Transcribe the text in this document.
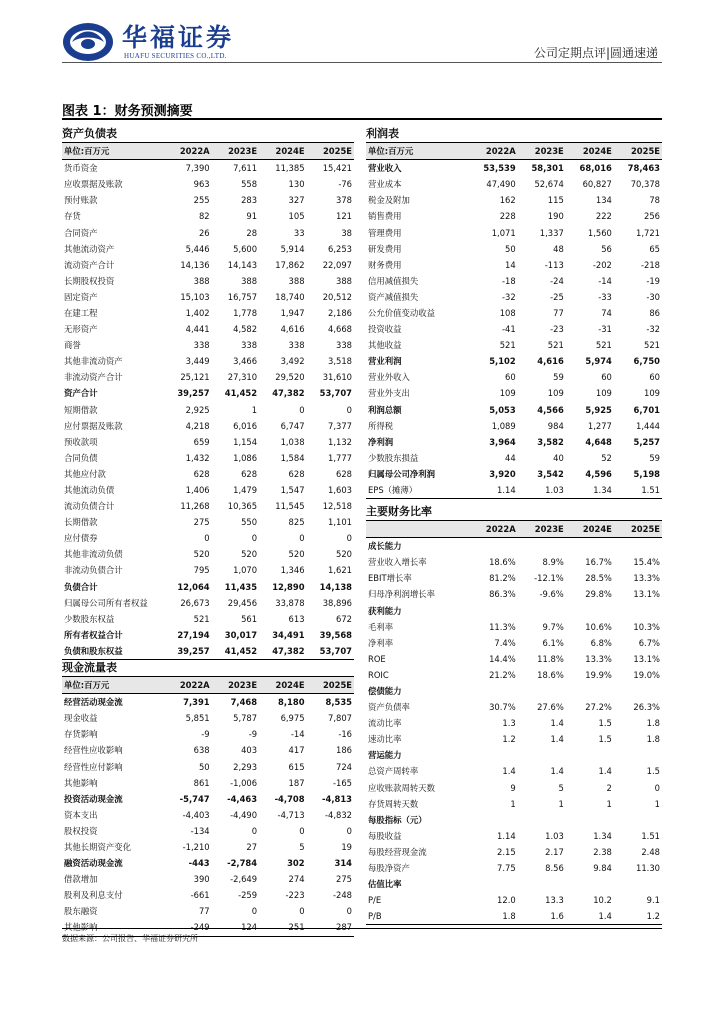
华福证券
HUAFU SECURITIES CO.,LTD.	公司定期点评|圆通速递
图表 1：财务预测摘要
资产负债表
单位:百万元	2022A	2023E	2024E	2025E
货币资金	7,390	7,611	11,385	15,421
应收票据及账款	963	558	130	-76
预付账款	255	283	327	378
存货	82	91	105	121
合同资产	26	28	33	38
其他流动资产	5,446	5,600	5,914	6,253
流动资产合计	14,136	14,143	17,862	22,097
长期股权投资	388	388	388	388
固定资产	15,103	16,757	18,740	20,512
在建工程	1,402	1,778	1,947	2,186
无形资产	4,441	4,582	4,616	4,668
商誉	338	338	338	338
其他非流动资产	3,449	3,466	3,492	3,518
非流动资产合计	25,121	27,310	29,520	31,610
资产合计	39,257	41,452	47,382	53,707
短期借款	2,925	1	0	0
应付票据及账款	4,218	6,016	6,747	7,377
预收款项	659	1,154	1,038	1,132
合同负债	1,432	1,086	1,584	1,777
其他应付款	628	628	628	628
其他流动负债	1,406	1,479	1,547	1,603
流动负债合计	11,268	10,365	11,545	12,518
长期借款	275	550	825	1,101
应付债券	0	0	0	0
其他非流动负债	520	520	520	520
非流动负债合计	795	1,070	1,346	1,621
负债合计	12,064	11,435	12,890	14,138
归属母公司所有者权益	26,673	29,456	33,878	38,896
少数股东权益	521	561	613	672
所有者权益合计	27,194	30,017	34,491	39,568
负债和股东权益	39,257	41,452	47,382	53,707
现金流量表
单位:百万元	2022A	2023E	2024E	2025E
经营活动现金流	7,391	7,468	8,180	8,535
现金收益	5,851	5,787	6,975	7,807
存货影响	-9	-9	-14	-16
经营性应收影响	638	403	417	186
经营性应付影响	50	2,293	615	724
其他影响	861	-1,006	187	-165
投资活动现金流	-5,747	-4,463	-4,708	-4,813
资本支出	-4,403	-4,490	-4,713	-4,832
股权投资	-134	0	0	0
其他长期资产变化	-1,210	27	5	19
融资活动现金流	-443	-2,784	302	314
借款增加	390	-2,649	274	275
股利及利息支付	-661	-259	-223	-248
股东融资	77	0	0	0
其他影响	-249	124	251	287
利润表
单位:百万元	2022A	2023E	2024E	2025E
营业收入	53,539	58,301	68,016	78,463
营业成本	47,490	52,674	60,827	70,378
税金及附加	162	115	134	78
销售费用	228	190	222	256
管理费用	1,071	1,337	1,560	1,721
研发费用	50	48	56	65
财务费用	14	-113	-202	-218
信用减值损失	-18	-24	-14	-19
资产减值损失	-32	-25	-33	-30
公允价值变动收益	108	77	74	86
投资收益	-41	-23	-31	-32
其他收益	521	521	521	521
营业利润	5,102	4,616	5,974	6,750
营业外收入	60	59	60	60
营业外支出	109	109	109	109
利润总额	5,053	4,566	5,925	6,701
所得税	1,089	984	1,277	1,444
净利润	3,964	3,582	4,648	5,257
少数股东损益	44	40	52	59
归属母公司净利润	3,920	3,542	4,596	5,198
EPS（摊薄）	1.14	1.03	1.34	1.51
主要财务比率
	2022A	2023E	2024E	2025E
成长能力				
营业收入增长率	18.6%	8.9%	16.7%	15.4%
EBIT增长率	81.2%	-12.1%	28.5%	13.3%
归母净利润增长率	86.3%	-9.6%	29.8%	13.1%
获利能力				
毛利率	11.3%	9.7%	10.6%	10.3%
净利率	7.4%	6.1%	6.8%	6.7%
ROE	14.4%	11.8%	13.3%	13.1%
ROIC	21.2%	18.6%	19.9%	19.0%
偿债能力				
资产负债率	30.7%	27.6%	27.2%	26.3%
流动比率	1.3	1.4	1.5	1.8
速动比率	1.2	1.4	1.5	1.8
营运能力				
总资产周转率	1.4	1.4	1.4	1.5
应收账款周转天数	9	5	2	0
存货周转天数	1	1	1	1
每股指标（元）				
每股收益	1.14	1.03	1.34	1.51
每股经营现金流	2.15	2.17	2.38	2.48
每股净资产	7.75	8.56	9.84	11.30
估值比率				
P/E	12.0	13.3	10.2	9.1
P/B	1.8	1.6	1.4	1.2
数据来源：公司报告、华福证券研究所
